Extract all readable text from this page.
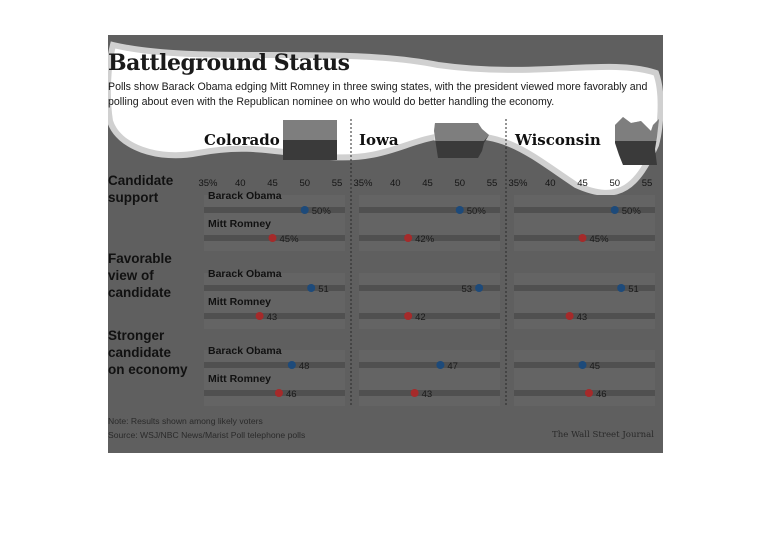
Battleground Status
Polls show Barack Obama edging Mitt Romney in three swing states, with the president viewed more favorably and polling about even with the Republican nominee on who would do better handling the economy.
Colorado	Iowa	Wisconsin
35% 40 45 50 55 35% 40 45 50 55 35% 40 45 50 55
Candidate support	Barack Obama
50%	50%	50%
Mitt Romney
45%	42%	45%
Favorable view of candidate
Barack Obama
51	53	51
Mitt Romney
43	42	43
Stronger candidate on economy
Barack Obama
48	47	45
Mitt Romney
46	43	46
Note: Results shown among likely voters
Source: WSJ/NBC News/Marist Poll telephone polls	The Wall Street Journal
